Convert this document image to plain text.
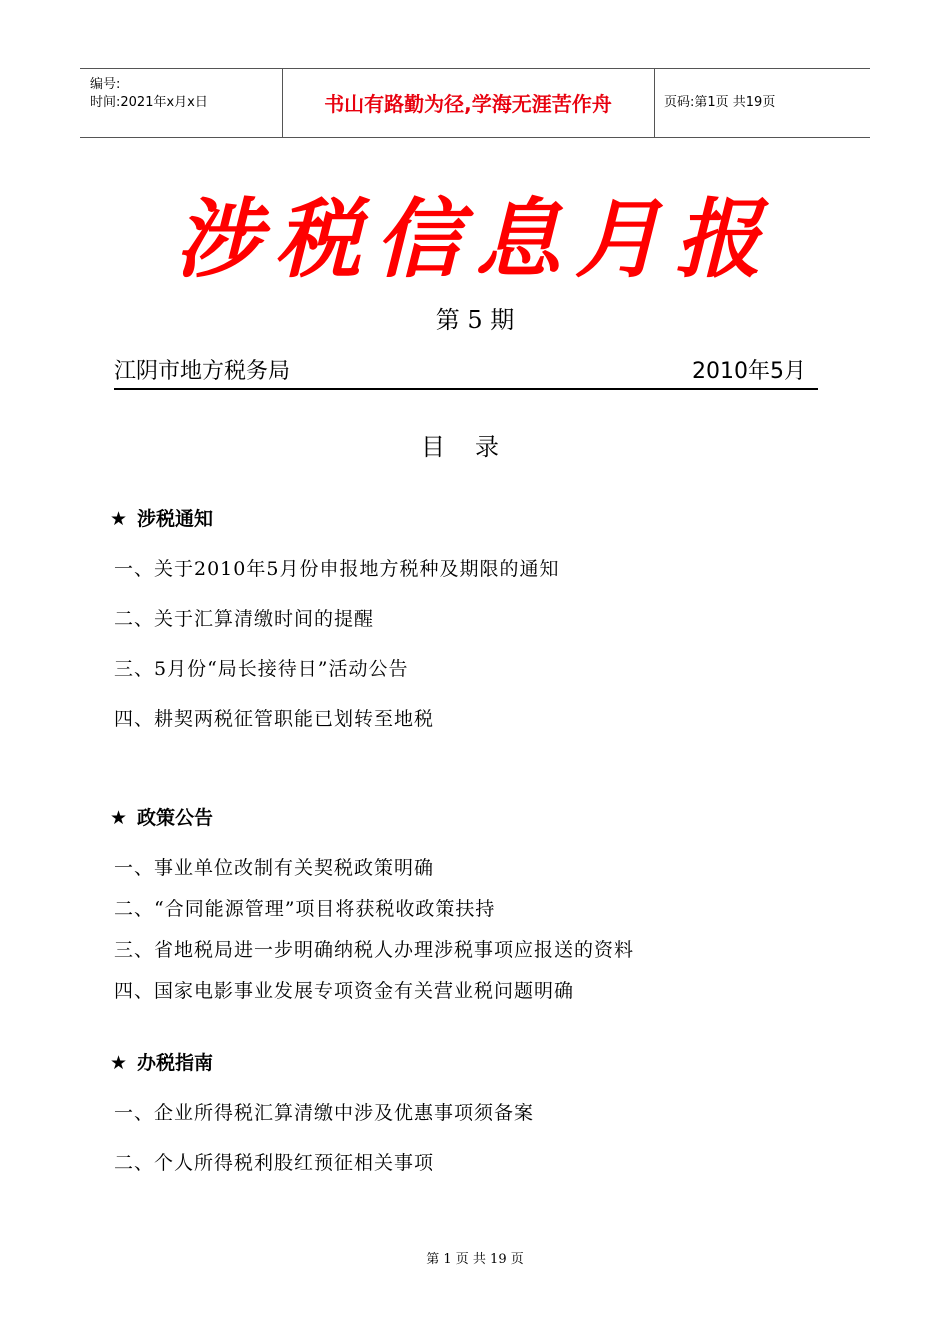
编号:
时间:2021年x月x日	书山有路勤为径,学海无涯苦作舟	页码:第1页 共19页
涉税信息月报
第 5 期
江阴市地方税务局	2010年5月
目录
★ 涉税通知
一、关于2010年5月份申报地方税种及期限的通知
二、关于汇算清缴时间的提醒
三、5月份“局长接待日”活动公告
四、耕契两税征管职能已划转至地税
★ 政策公告
一、事业单位改制有关契税政策明确
二、“合同能源管理”项目将获税收政策扶持
三、省地税局进一步明确纳税人办理涉税事项应报送的资料
四、国家电影事业发展专项资金有关营业税问题明确
★ 办税指南
一、企业所得税汇算清缴中涉及优惠事项须备案
二、个人所得税利股红预征相关事项
第 1 页 共 19 页
